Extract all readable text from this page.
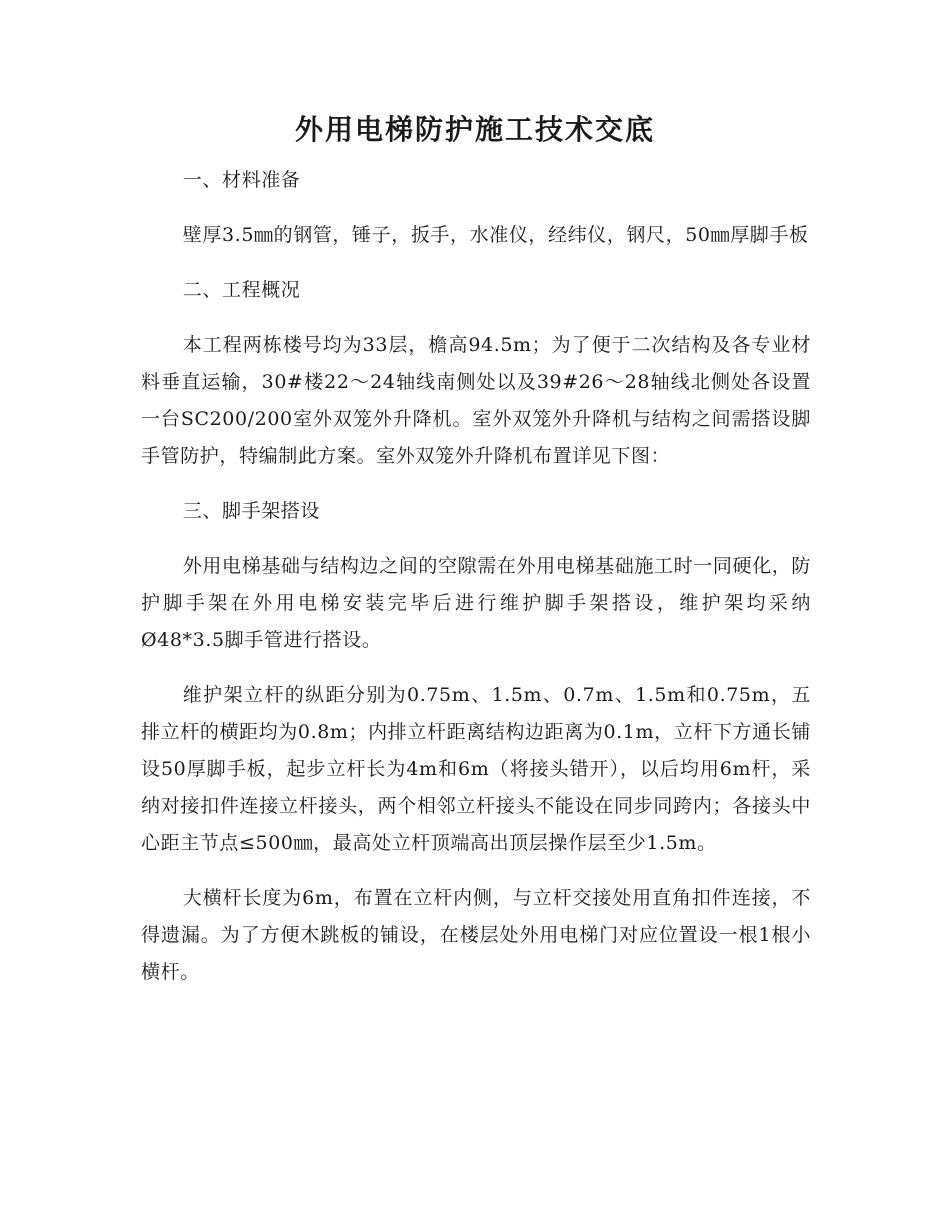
外用电梯防护施工技术交底

一、材料准备

壁厚3.5㎜的钢管，锤子，扳手，水准仪，经纬仪，钢尺，50㎜厚脚手板

二、工程概况

本工程两栋楼号均为33层，檐高94.5m；为了便于二次结构及各专业材料垂直运输，30#楼22～24轴线南侧处以及39#26～28轴线北侧处各设置一台SC200/200室外双笼外升降机。室外双笼外升降机与结构之间需搭设脚手管防护，特编制此方案。室外双笼外升降机布置详见下图：

三、脚手架搭设

外用电梯基础与结构边之间的空隙需在外用电梯基础施工时一同硬化，防护脚手架在外用电梯安装完毕后进行维护脚手架搭设，维护架均采纳Ø48*3.5脚手管进行搭设。

维护架立杆的纵距分别为0.75m、1.5m、0.7m、1.5m和0.75m，五排立杆的横距均为0.8m；内排立杆距离结构边距离为0.1m，立杆下方通长铺设50厚脚手板，起步立杆长为4m和6m（将接头错开），以后均用6m杆，采纳对接扣件连接立杆接头，两个相邻立杆接头不能设在同步同跨内；各接头中心距主节点≤500㎜，最高处立杆顶端高出顶层操作层至少1.5m。

大横杆长度为6m，布置在立杆内侧，与立杆交接处用直角扣件连接，不得遗漏。为了方便木跳板的铺设，在楼层处外用电梯门对应位置设一根1根小横杆。
